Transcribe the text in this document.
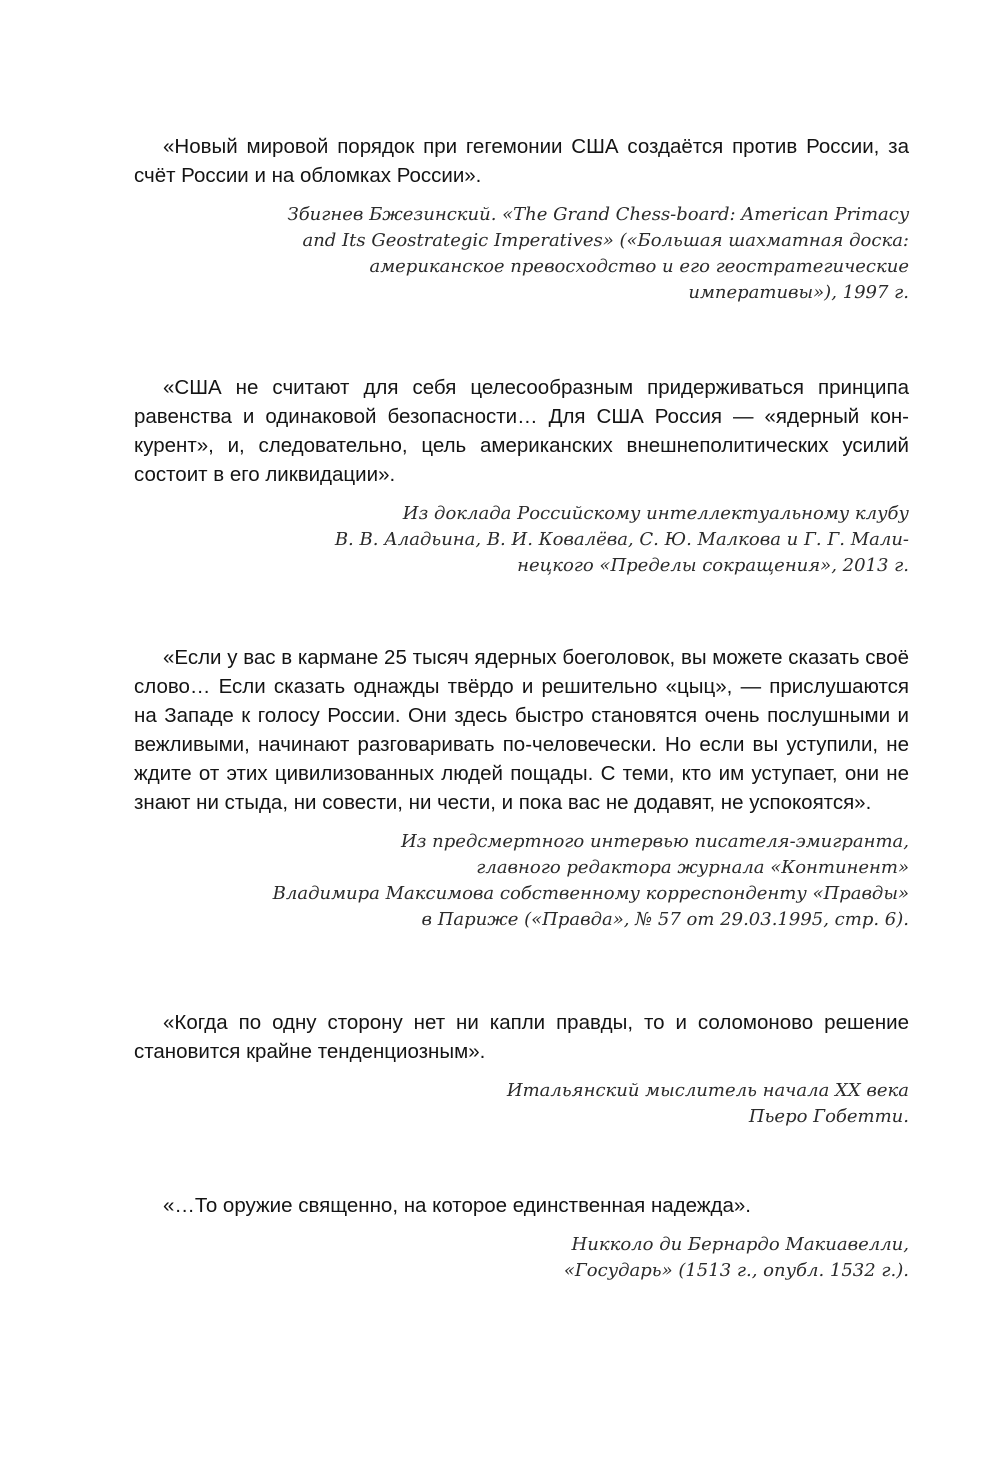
«Новый мировой порядок при гегемонии США создаётся против России, за счёт России и на обломках России».

Збигнев Бжезинский. «The Grand Chess-board: American Primacy
and Its Geostrategic Imperatives» («Большая шахматная доска:
американское превосходство и его геостратегические
императивы»), 1997 г.

«США не считают для себя целесообразным придерживаться принципа равенства и одинаковой безопасности… Для США Россия — «ядерный конкурент», и, следовательно, цель американских внешнеполитических усилий состоит в его ликвидации».

Из доклада Российскому интеллектуальному клубу
В. В. Аладьина, В. И. Ковалёва, С. Ю. Малкова и Г. Г. Мали-
нецкого «Пределы сокращения», 2013 г.

«Если у вас в кармане 25 тысяч ядерных боеголовок, вы можете сказать своё слово… Если сказать однажды твёрдо и решительно «цыц», — прислушаются на Западе к голосу России. Они здесь быстро становятся очень послушными и вежливыми, начинают разговаривать по-человечески. Но если вы уступили, не ждите от этих цивилизованных людей пощады. С теми, кто им уступает, они не знают ни стыда, ни совести, ни чести, и пока вас не додавят, не успокоятся».

Из предсмертного интервью писателя-эмигранта,
главного редактора журнала «Континент»
Владимира Максимова собственному корреспонденту «Правды»
в Париже («Правда», № 57 от 29.03.1995, стр. 6).

«Когда по одну сторону нет ни капли правды, то и соломоново решение становится крайне тенденциозным».

Итальянский мыслитель начала XX века
Пьеро Гобетти.

«…То оружие священно, на которое единственная надежда».

Никколо ди Бернардо Макиавелли,
«Государь» (1513 г., опубл. 1532 г.).
